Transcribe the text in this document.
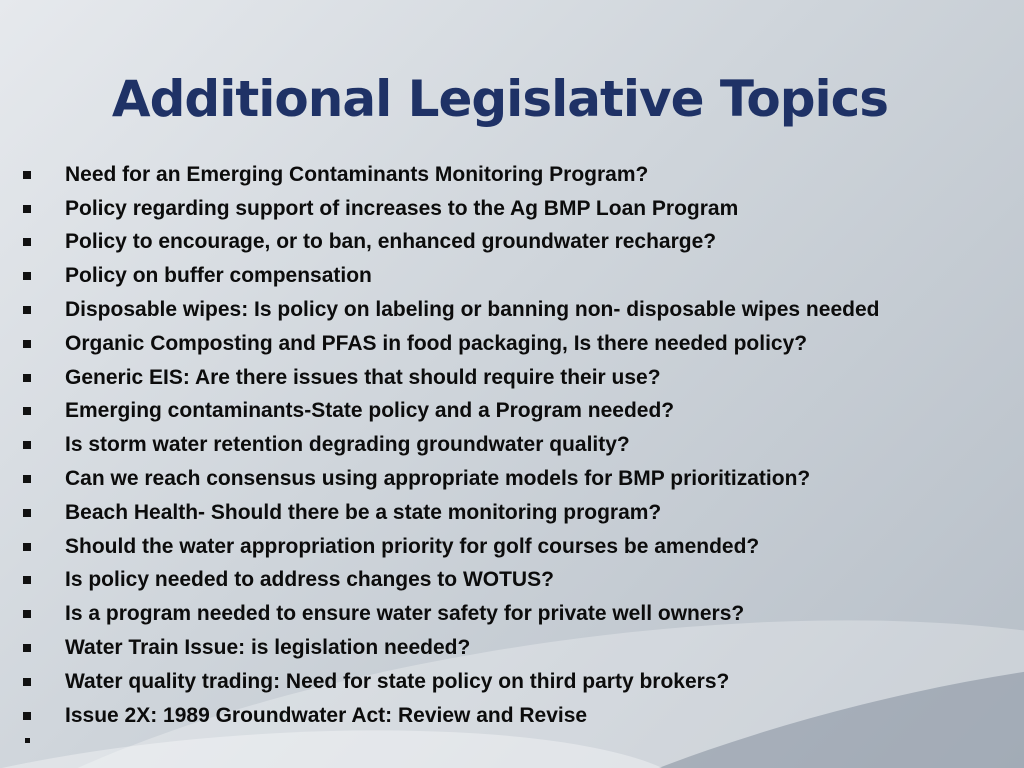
Additional Legislative Topics
Need for an Emerging Contaminants Monitoring Program?
Policy regarding support of increases to the Ag BMP Loan Program
Policy to encourage, or to ban, enhanced groundwater recharge?
Policy on buffer compensation
Disposable wipes: Is policy on labeling or banning non- disposable wipes needed
Organic Composting and PFAS in food packaging, Is there needed policy?
Generic EIS: Are there issues that should require their use?
Emerging contaminants-State policy and a Program needed?
Is storm water retention degrading groundwater quality?
Can we reach consensus using appropriate models for BMP prioritization?
Beach Health- Should there be a state monitoring program?
Should the water appropriation priority for golf courses be amended?
Is policy needed to address changes to WOTUS?
Is a program needed to ensure water safety for private well owners?
Water Train Issue: is legislation needed?
Water quality trading: Need for state policy on third party brokers?
Issue 2X: 1989 Groundwater Act: Review and Revise
